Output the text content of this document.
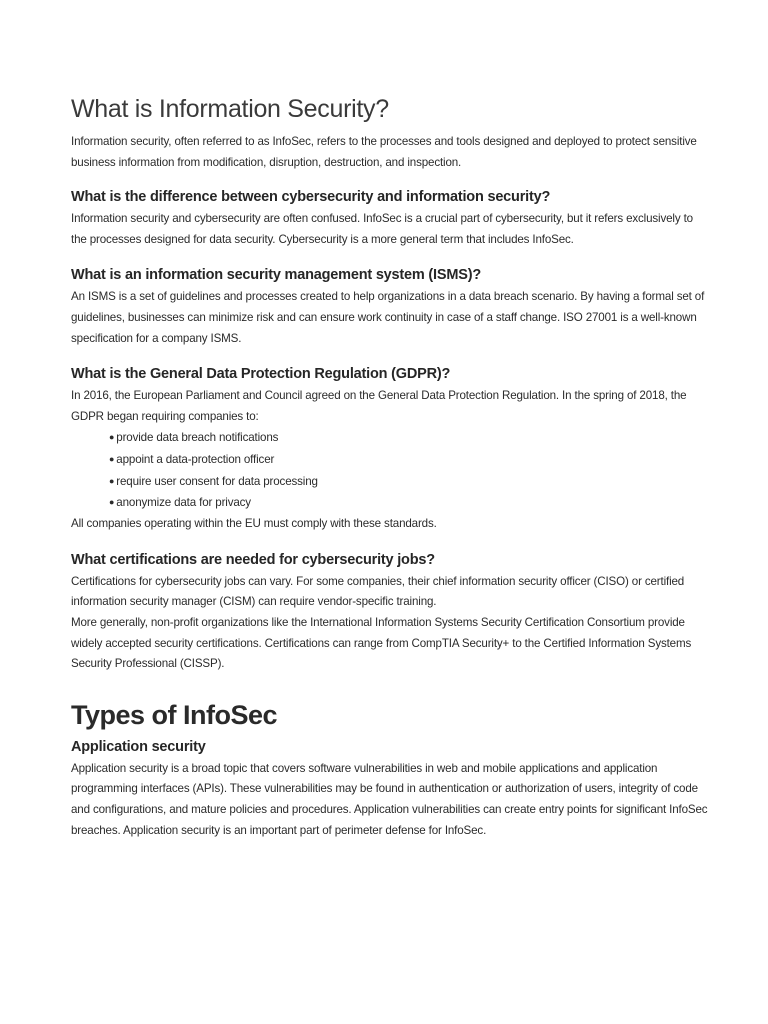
What is Information Security?

Information security, often referred to as InfoSec, refers to the processes and tools designed and deployed to protect sensitive business information from modification, disruption, destruction, and inspection.

What is the difference between cybersecurity and information security?

Information security and cybersecurity are often confused. InfoSec is a crucial part of cybersecurity, but it refers exclusively to the processes designed for data security. Cybersecurity is a more general term that includes InfoSec.

What is an information security management system (ISMS)?

An ISMS is a set of guidelines and processes created to help organizations in a data breach scenario. By having a formal set of guidelines, businesses can minimize risk and can ensure work continuity in case of a staff change. ISO 27001 is a well-known specification for a company ISMS.

What is the General Data Protection Regulation (GDPR)?

In 2016, the European Parliament and Council agreed on the General Data Protection Regulation. In the spring of 2018, the GDPR began requiring companies to:

● provide data breach notifications
● appoint a data-protection officer
● require user consent for data processing
● anonymize data for privacy

All companies operating within the EU must comply with these standards.

What certifications are needed for cybersecurity jobs?

Certifications for cybersecurity jobs can vary. For some companies, their chief information security officer (CISO) or certified information security manager (CISM) can require vendor-specific training.

More generally, non-profit organizations like the International Information Systems Security Certification Consortium provide widely accepted security certifications. Certifications can range from CompTIA Security+ to the Certified Information Systems Security Professional (CISSP).

Types of InfoSec
Application security

Application security is a broad topic that covers software vulnerabilities in web and mobile applications and application programming interfaces (APIs). These vulnerabilities may be found in authentication or authorization of users, integrity of code and configurations, and mature policies and procedures. Application vulnerabilities can create entry points for significant InfoSec breaches. Application security is an important part of perimeter defense for InfoSec.
